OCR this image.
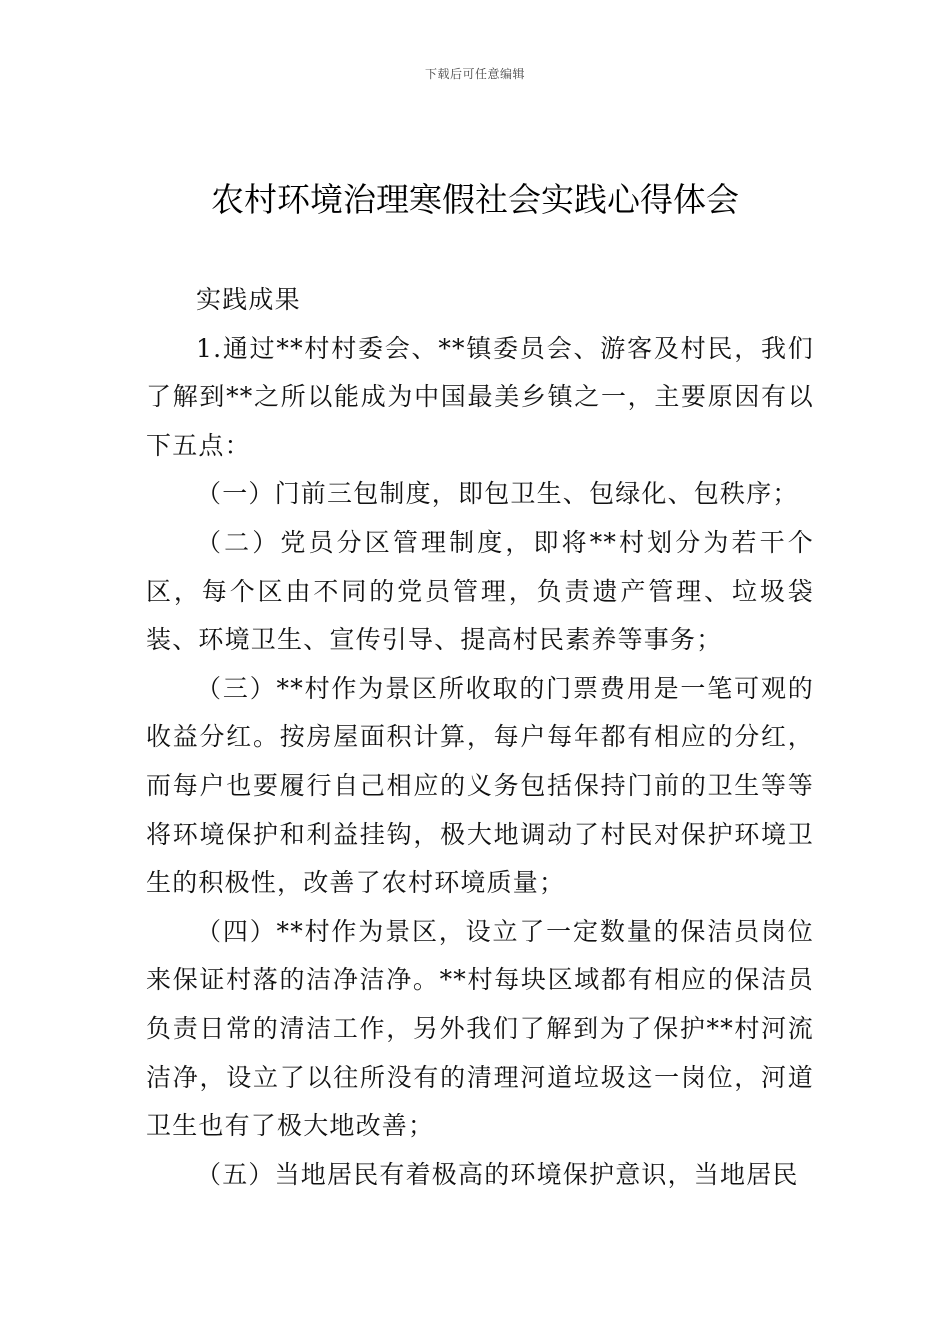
下载后可任意编辑
农村环境治理寒假社会实践心得体会

实践成果

1.通过**村村委会、**镇委员会、游客及村民，我们了解到**之所以能成为中国最美乡镇之一，主要原因有以下五点：

（一）门前三包制度，即包卫生、包绿化、包秩序；

（二）党员分区管理制度，即将**村划分为若干个区，每个区由不同的党员管理，负责遗产管理、垃圾袋装、环境卫生、宣传引导、提高村民素养等事务；

（三）**村作为景区所收取的门票费用是一笔可观的收益分红。按房屋面积计算，每户每年都有相应的分红，而每户也要履行自己相应的义务包括保持门前的卫生等等将环境保护和利益挂钩，极大地调动了村民对保护环境卫生的积极性，改善了农村环境质量；

（四）**村作为景区，设立了一定数量的保洁员岗位来保证村落的洁净洁净。**村每块区域都有相应的保洁员负责日常的清洁工作，另外我们了解到为了保护**村河流洁净，设立了以往所没有的清理河道垃圾这一岗位，河道卫生也有了极大地改善；

（五）当地居民有着极高的环境保护意识，当地居民
